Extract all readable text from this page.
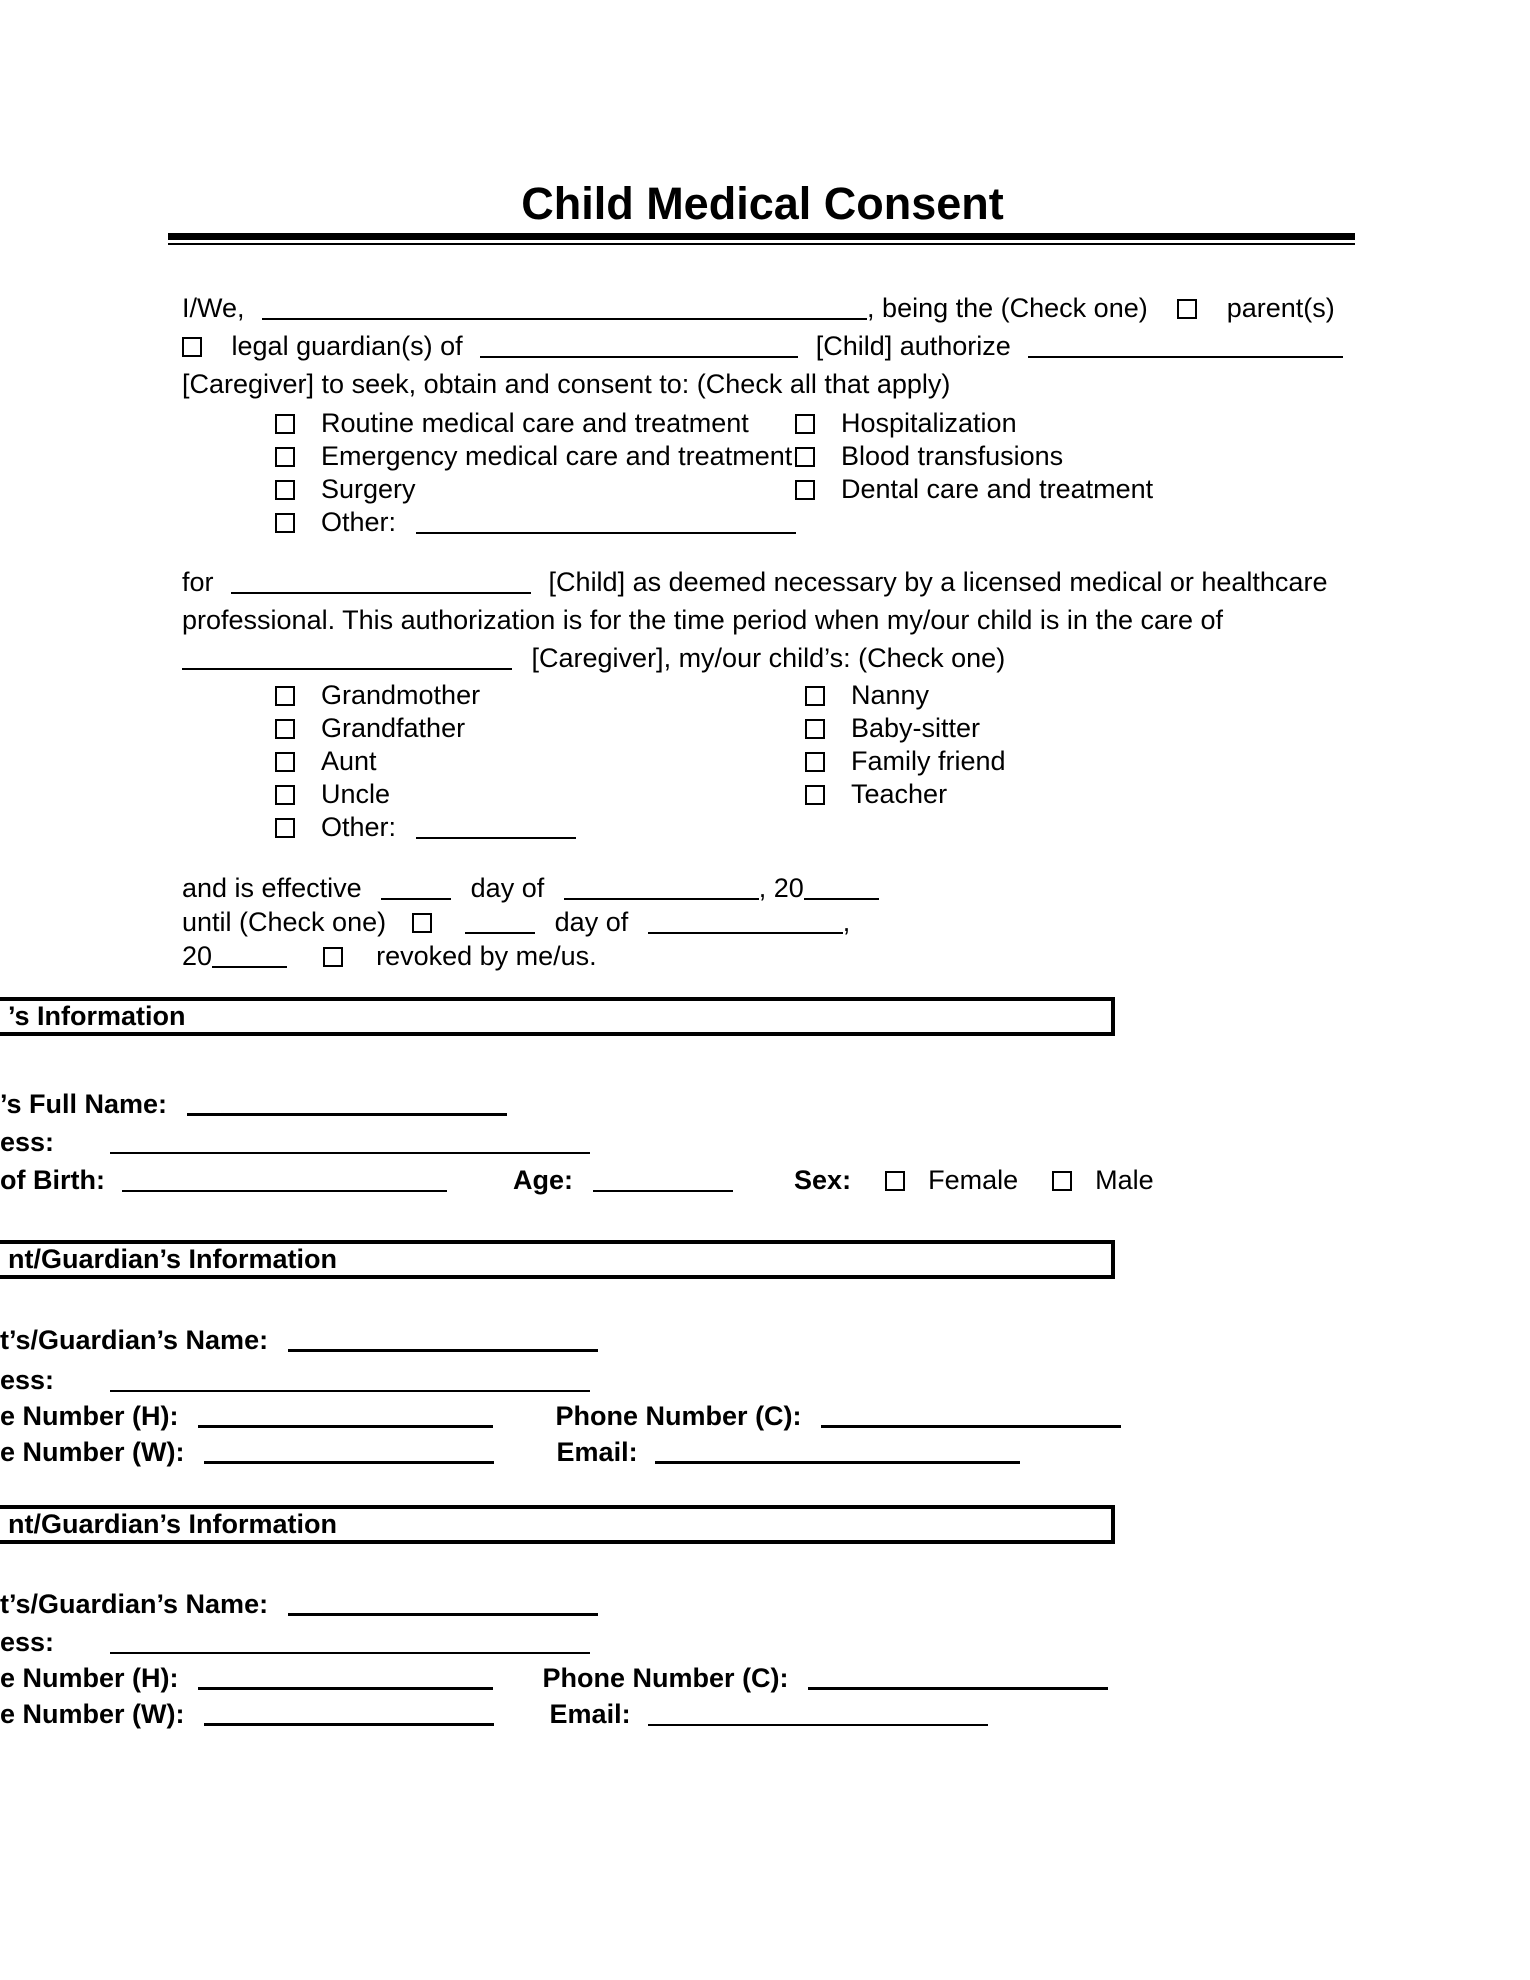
Child Medical Consent
I/We,	, being the (Check one)	parent(s)
legal guardian(s) of	[Child] authorize
[Caregiver] to seek, obtain and consent to: (Check all that apply)
Routine medical care and treatment	Hospitalization
Emergency medical care and treatment Blood transfusions
Surgery	Dental care and treatment
Other:
for	[Child] as deemed necessary by a licensed medical or healthcare
professional. This authorization is for the time period when my/our child is in the care of
[Caregiver], my/our child’s: (Check one)
Grandmother	Nanny
Grandfather	Baby-sitter
Aunt	Family friend
Uncle	Teacher
Other:
and is effective	day of	, 20
until (Check one)	day of	,
20	revoked by me/us.
’s Information
’s Full Name:
ess:
of Birth:	Age:	Sex:	Female	Male
nt/Guardian’s Information
t’s/Guardian’s Name:
ess:
e Number (H):	Phone Number (C):
e Number (W):	Email:
nt/Guardian’s Information
t’s/Guardian’s Name:
ess:
e Number (H):	Phone Number (C):
e Number (W):	Email:
